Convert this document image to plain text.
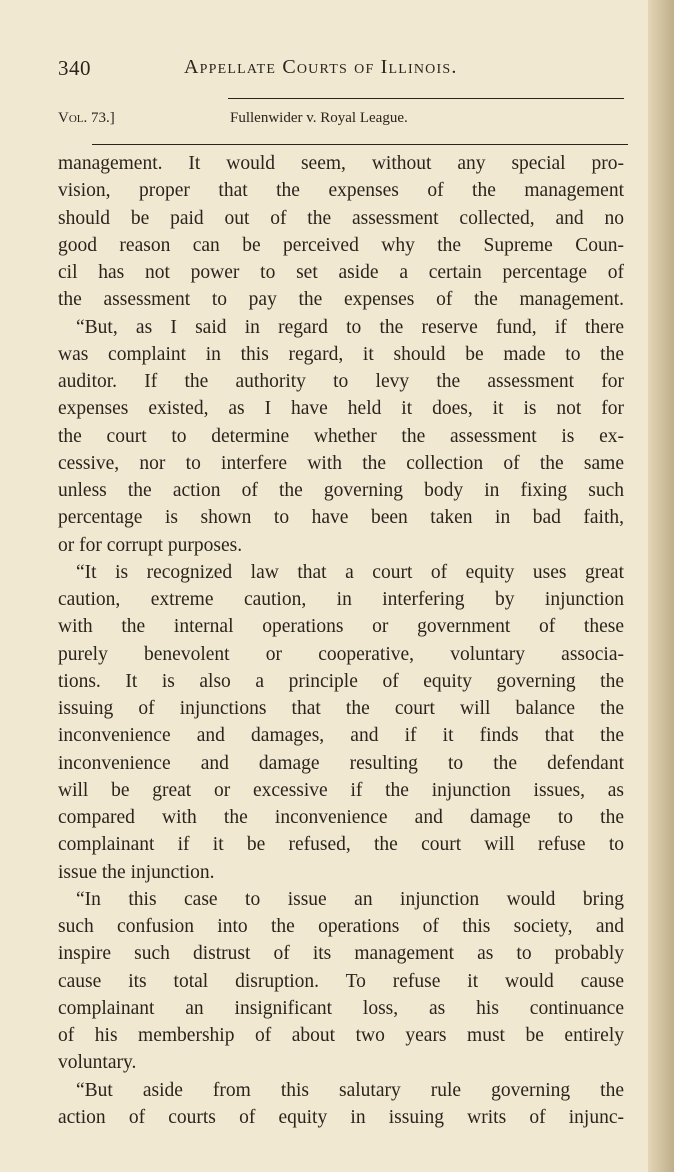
340	Appellate Courts of Illinois.
Vol. 73.]	Fullenwider v. Royal League.
management. It would seem, without any special pro-
vision, proper that the expenses of the management
should be paid out of the assessment collected, and no
good reason can be perceived why the Supreme Coun-
cil has not power to set aside a certain percentage of
the assessment to pay the expenses of the management.
“But, as I said in regard to the reserve fund, if there
was complaint in this regard, it should be made to the
auditor. If the authority to levy the assessment for
expenses existed, as I have held it does, it is not for
the court to determine whether the assessment is ex-
cessive, nor to interfere with the collection of the same
unless the action of the governing body in fixing such
percentage is shown to have been taken in bad faith,
or for corrupt purposes.
“It is recognized law that a court of equity uses great
caution, extreme caution, in interfering by injunction
with the internal operations or government of these
purely benevolent or cooperative, voluntary associa-
tions. It is also a principle of equity governing the
issuing of injunctions that the court will balance the
inconvenience and damages, and if it finds that the
inconvenience and damage resulting to the defendant
will be great or excessive if the injunction issues, as
compared with the inconvenience and damage to the
complainant if it be refused, the court will refuse to
issue the injunction.
“In this case to issue an injunction would bring
such confusion into the operations of this society, and
inspire such distrust of its management as to probably
cause its total disruption. To refuse it would cause
complainant an insignificant loss, as his continuance
of his membership of about two years must be entirely
voluntary.
“But aside from this salutary rule governing the
action of courts of equity in issuing writs of injunc-
